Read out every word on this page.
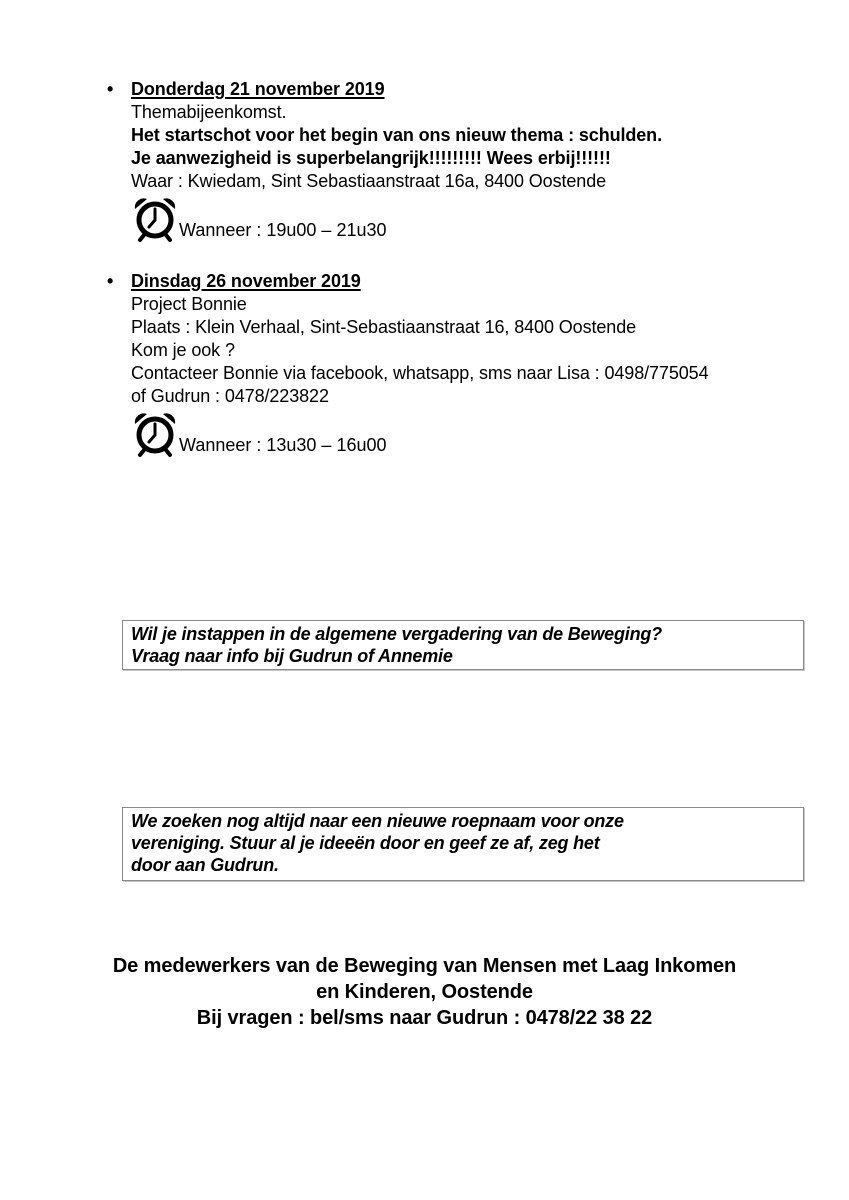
• Donderdag 21 november 2019
Themabijeenkomst.
Het startschot voor het begin van ons nieuw thema : schulden.
Je aanwezigheid is superbelangrijk!!!!!!!!! Wees erbij!!!!!!
Waar : Kwiedam, Sint Sebastiaanstraat 16a, 8400 Oostende
Wanneer : 19u00 – 21u30
• Dinsdag 26 november 2019
Project Bonnie
Plaats : Klein Verhaal, Sint-Sebastiaanstraat 16, 8400 Oostende
Kom je ook ?
Contacteer Bonnie via facebook, whatsapp, sms naar Lisa : 0498/775054
of Gudrun : 0478/223822
Wanneer : 13u30 – 16u00
Wil je instappen in de algemene vergadering van de Beweging?
Vraag naar info bij Gudrun of Annemie
We zoeken nog altijd naar een nieuwe roepnaam voor onze
vereniging. Stuur al je ideeën door en geef ze af, zeg het
door aan Gudrun.
De medewerkers van de Beweging van Mensen met Laag Inkomen
en Kinderen, Oostende
Bij vragen : bel/sms naar Gudrun : 0478/22 38 22
